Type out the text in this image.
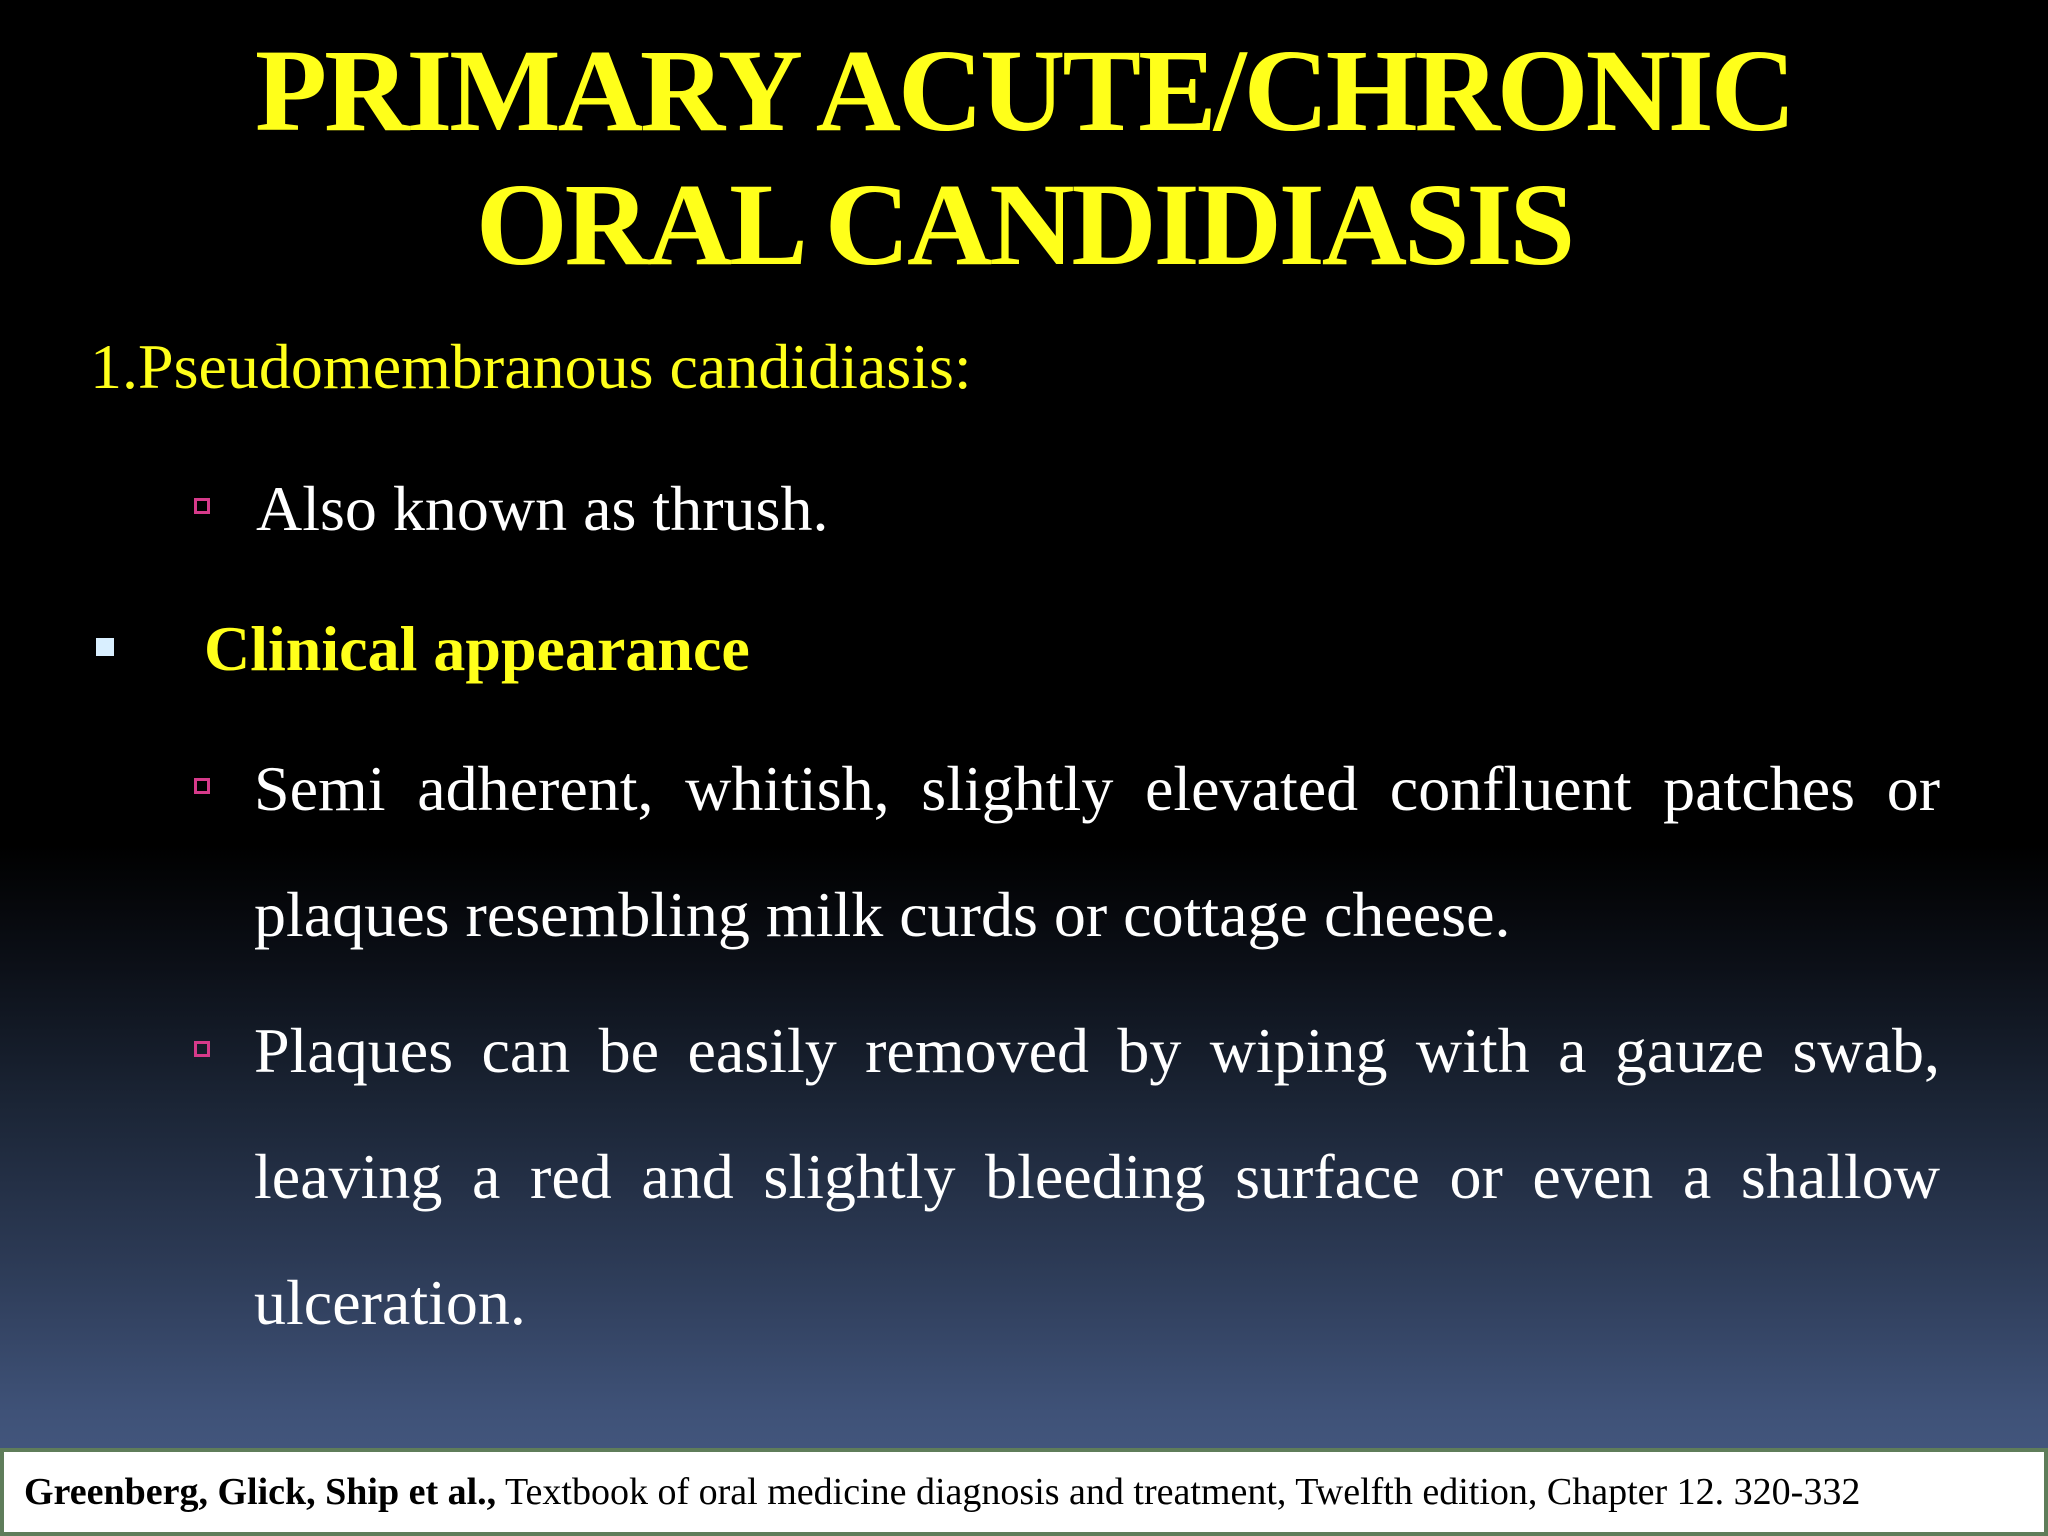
PRIMARY ACUTE/CHRONIC
ORAL CANDIDIASIS
1.Pseudomembranous candidiasis:
Also known as thrush.
Clinical appearance
Semi adherent, whitish, slightly elevated confluent patches or plaques resembling milk curds or cottage cheese.
Plaques can be easily removed by wiping with a gauze swab, leaving a red and slightly bleeding surface or even a shallow ulceration.
Greenberg, Glick, Ship et al., Textbook of oral medicine diagnosis and treatment, Twelfth edition, Chapter 12. 320-332
